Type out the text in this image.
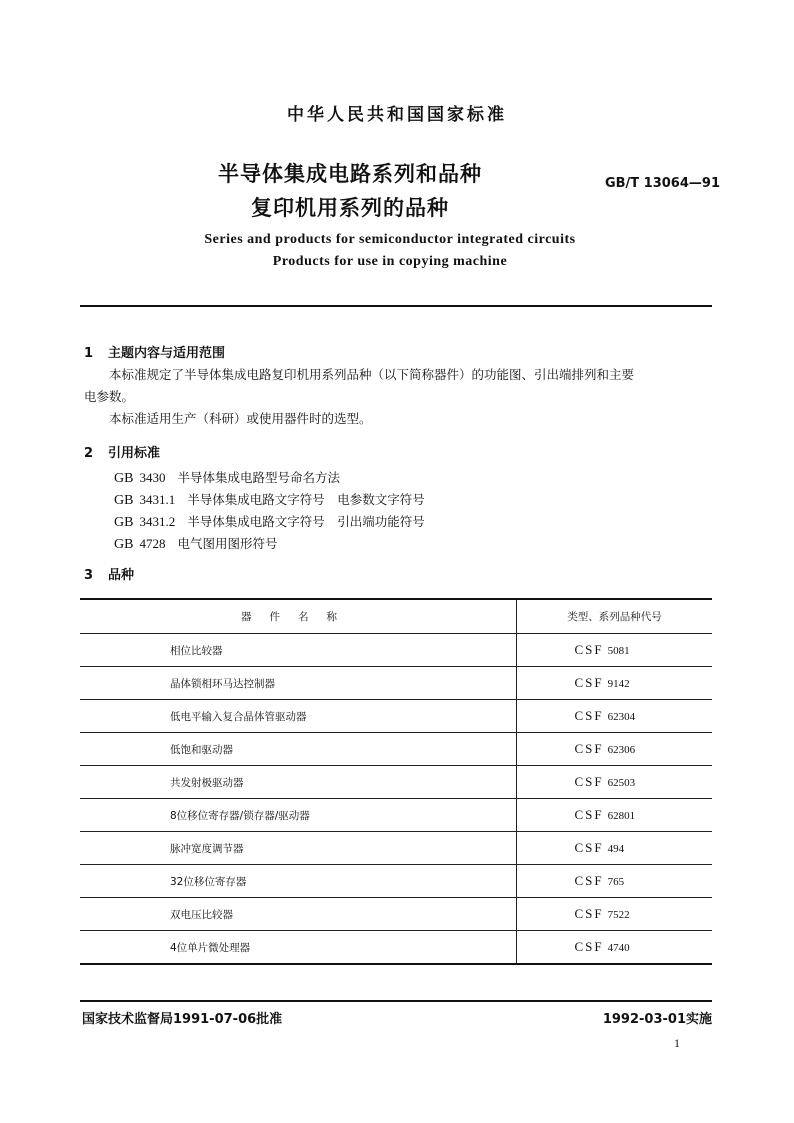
中华人民共和国国家标准
半导体集成电路系列和品种
复印机用系列的品种
GB/T 13064—91
Series and products for semiconductor integrated circuits
Products for use in copying machine
1 主题内容与适用范围
本标准规定了半导体集成电路复印机用系列品种（以下简称器件）的功能图、引出端排列和主要
电参数。
本标准适用生产（科研）或使用器件时的选型。
2 引用标准
GB 3430 半导体集成电路型号命名方法
GB 3431.1 半导体集成电路文字符号　电参数文字符号
GB 3431.2 半导体集成电路文字符号　引出端功能符号
GB 4728 电气图用图形符号
3 品种
器件名称	类型、系列品种代号
相位比较器	CSF 5081
晶体锁相环马达控制器	CSF 9142
低电平输入复合晶体管驱动器	CSF 62304
低饱和驱动器	CSF 62306
共发射极驱动器	CSF 62503
8位移位寄存器/锁存器/驱动器	CSF 62801
脉冲宽度调节器	CSF 494
32位移位寄存器	CSF 765
双电压比较器	CSF 7522
4位单片微处理器	CSF 4740
国家技术监督局1991-07-06批准	1992-03-01实施
1
